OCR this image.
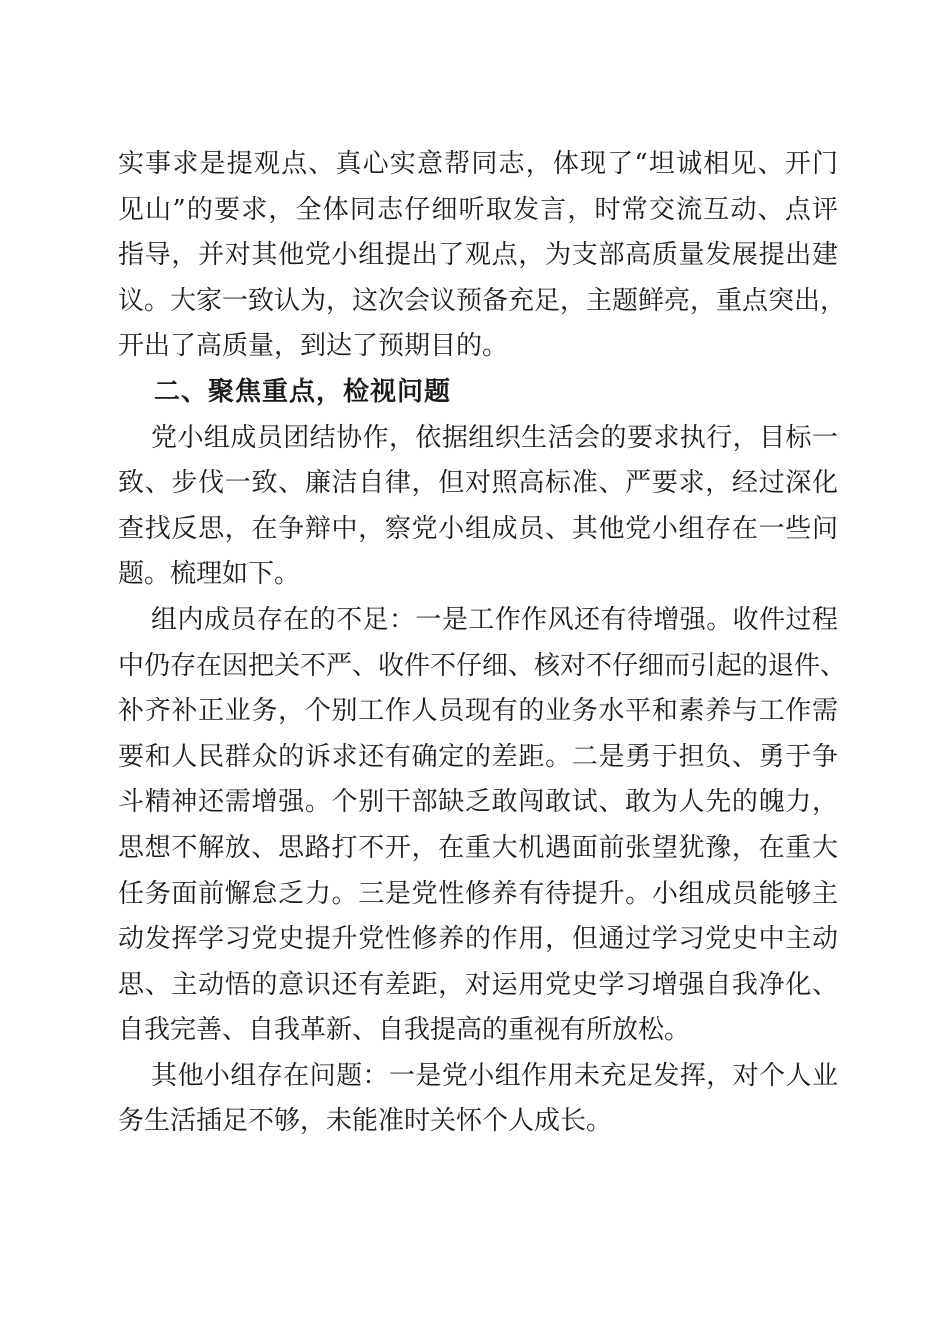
实事求是提观点、真心实意帮同志，体现了“坦诚相见、开门
见山”的要求，全体同志仔细听取发言，时常交流互动、点评
指导，并对其他党小组提出了观点，为支部高质量发展提出建
议。大家一致认为，这次会议预备充足，主题鲜亮，重点突出，
开出了高质量，到达了预期目的。
二、聚焦重点，检视问题
党小组成员团结协作，依据组织生活会的要求执行，目标一
致、步伐一致、廉洁自律，但对照高标准、严要求，经过深化
查找反思，在争辩中，察党小组成员、其他党小组存在一些问
题。梳理如下。
组内成员存在的不足：一是工作作风还有待增强。收件过程
中仍存在因把关不严、收件不仔细、核对不仔细而引起的退件、
补齐补正业务，个别工作人员现有的业务水平和素养与工作需
要和人民群众的诉求还有确定的差距。二是勇于担负、勇于争
斗精神还需增强。个别干部缺乏敢闯敢试、敢为人先的魄力，
思想不解放、思路打不开，在重大机遇面前张望犹豫，在重大
任务面前懈怠乏力。三是党性修养有待提升。小组成员能够主
动发挥学习党史提升党性修养的作用，但通过学习党史中主动
思、主动悟的意识还有差距，对运用党史学习增强自我净化、
自我完善、自我革新、自我提高的重视有所放松。
其他小组存在问题：一是党小组作用未充足发挥，对个人业
务生活插足不够，未能准时关怀个人成长。
